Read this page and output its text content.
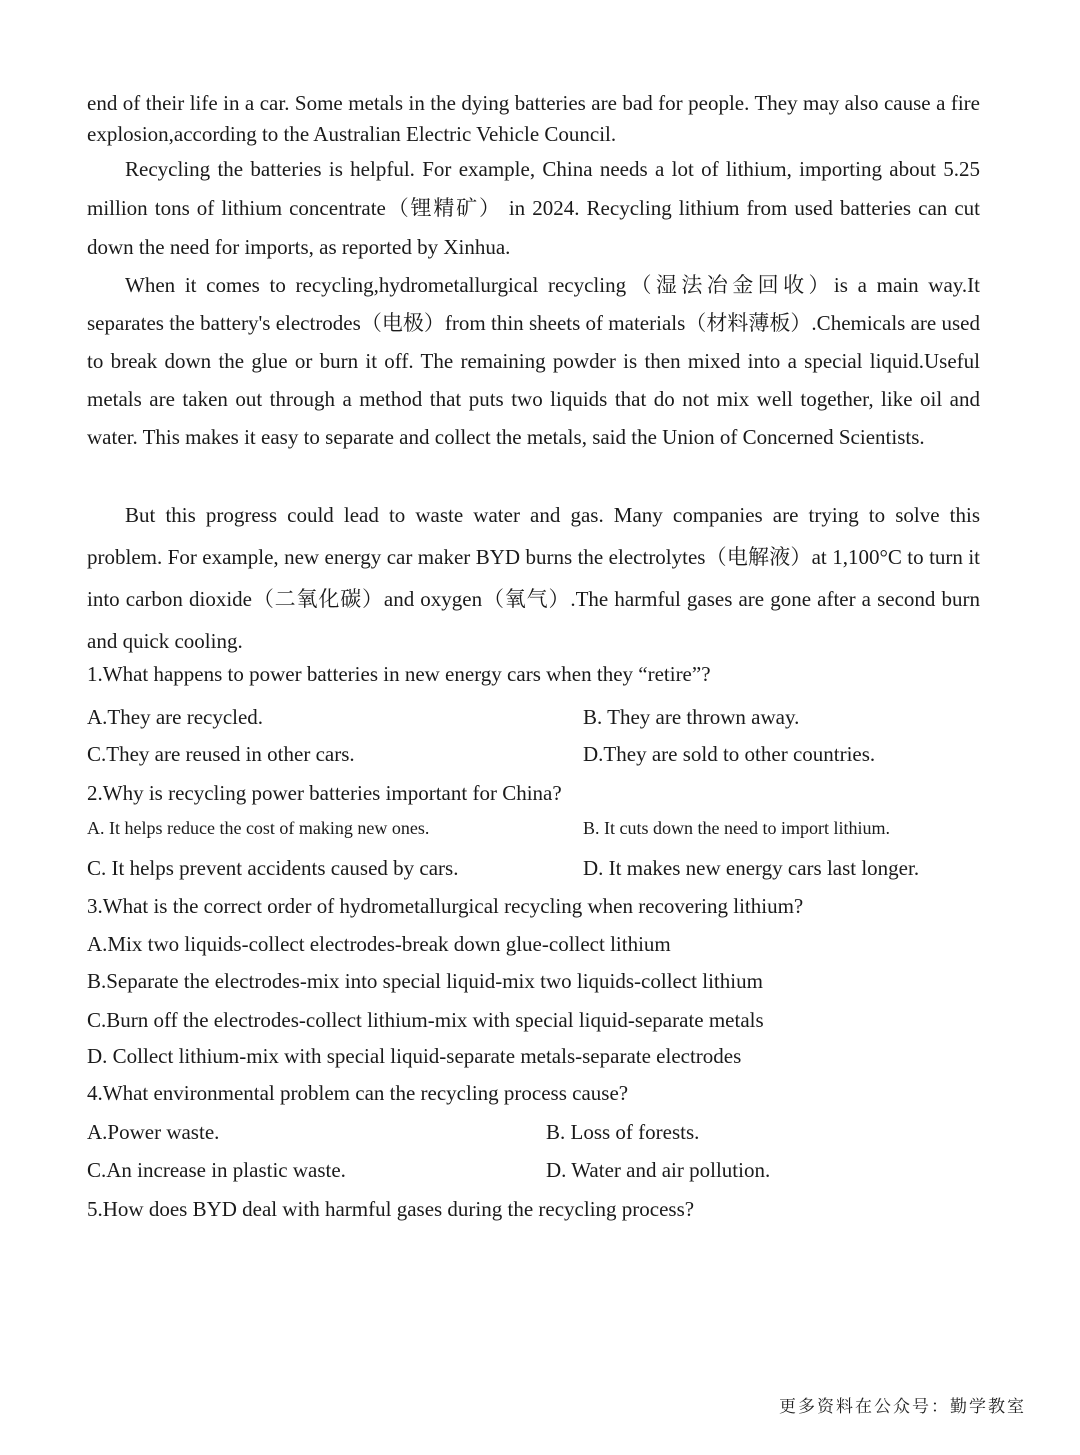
end of their life in a car. Some metals in the dying batteries are bad for people. They may also cause a fire explosion,according to the Australian Electric Vehicle Council.

Recycling the batteries is helpful. For example, China needs a lot of lithium, importing about 5.25 million tons of lithium concentrate（锂精矿） in 2024. Recycling lithium from used batteries can cut down the need for imports, as reported by Xinhua.

When it comes to recycling,hydrometallurgical recycling（湿法冶金回收）is a main way.It separates the battery's electrodes（电极）from thin sheets of materials（材料薄板）.Chemicals are used to break down the glue or burn it off. The remaining powder is then mixed into a special liquid.Useful metals are taken out through a method that puts two liquids that do not mix well together, like oil and water. This makes it easy to separate and collect the metals, said the Union of Concerned Scientists.

But this progress could lead to waste water and gas. Many companies are trying to solve this problem. For example, new energy car maker BYD burns the electrolytes（电解液）at 1,100°C to turn it into carbon dioxide（二氧化碳）and oxygen（氧气）.The harmful gases are gone after a second burn and quick cooling.

1.What happens to power batteries in new energy cars when they “retire”?

A.They are recycled.	B. They are thrown away.

C.They are reused in other cars.	D.They are sold to other countries.

2.Why is recycling power batteries important for China?

A. It helps reduce the cost of making new ones.	B. It cuts down the need to import lithium.

C. It helps prevent accidents caused by cars.	D. It makes new energy cars last longer.

3.What is the correct order of hydrometallurgical recycling when recovering lithium?

A.Mix two liquids-collect electrodes-break down glue-collect lithium

B.Separate the electrodes-mix into special liquid-mix two liquids-collect lithium

C.Burn off the electrodes-collect lithium-mix with special liquid-separate metals

D. Collect lithium-mix with special liquid-separate metals-separate electrodes

4.What environmental problem can the recycling process cause?

A.Power waste.	B. Loss of forests.

C.An increase in plastic waste.	D. Water and air pollution.

5.How does BYD deal with harmful gases during the recycling process?

更多资料在公众号：勤学教室
